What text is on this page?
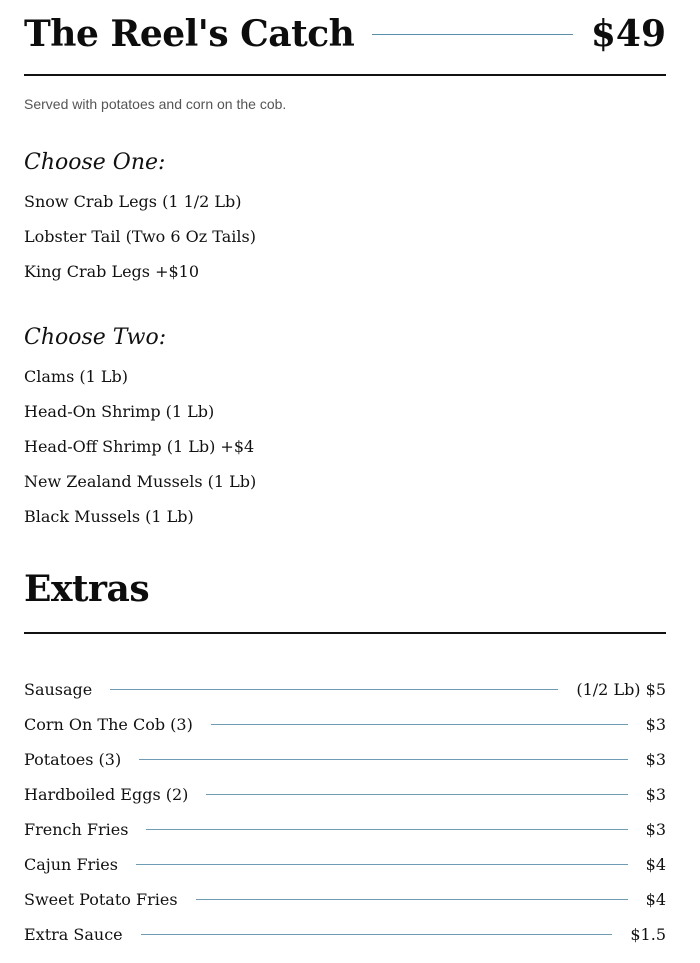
The Reel's Catch	$49
Served with potatoes and corn on the cob.
Choose One:
Snow Crab Legs (1 1/2 Lb)
Lobster Tail (Two 6 Oz Tails)
King Crab Legs +$10
Choose Two:
Clams (1 Lb)
Head-On Shrimp (1 Lb)
Head-Off Shrimp (1 Lb) +$4
New Zealand Mussels (1 Lb)
Black Mussels (1 Lb)
Extras
Sausage	(1/2 Lb) $5
Corn On The Cob (3)	$3
Potatoes (3)	$3
Hardboiled Eggs (2)	$3
French Fries	$3
Cajun Fries	$4
Sweet Potato Fries	$4
Extra Sauce	$1.5
